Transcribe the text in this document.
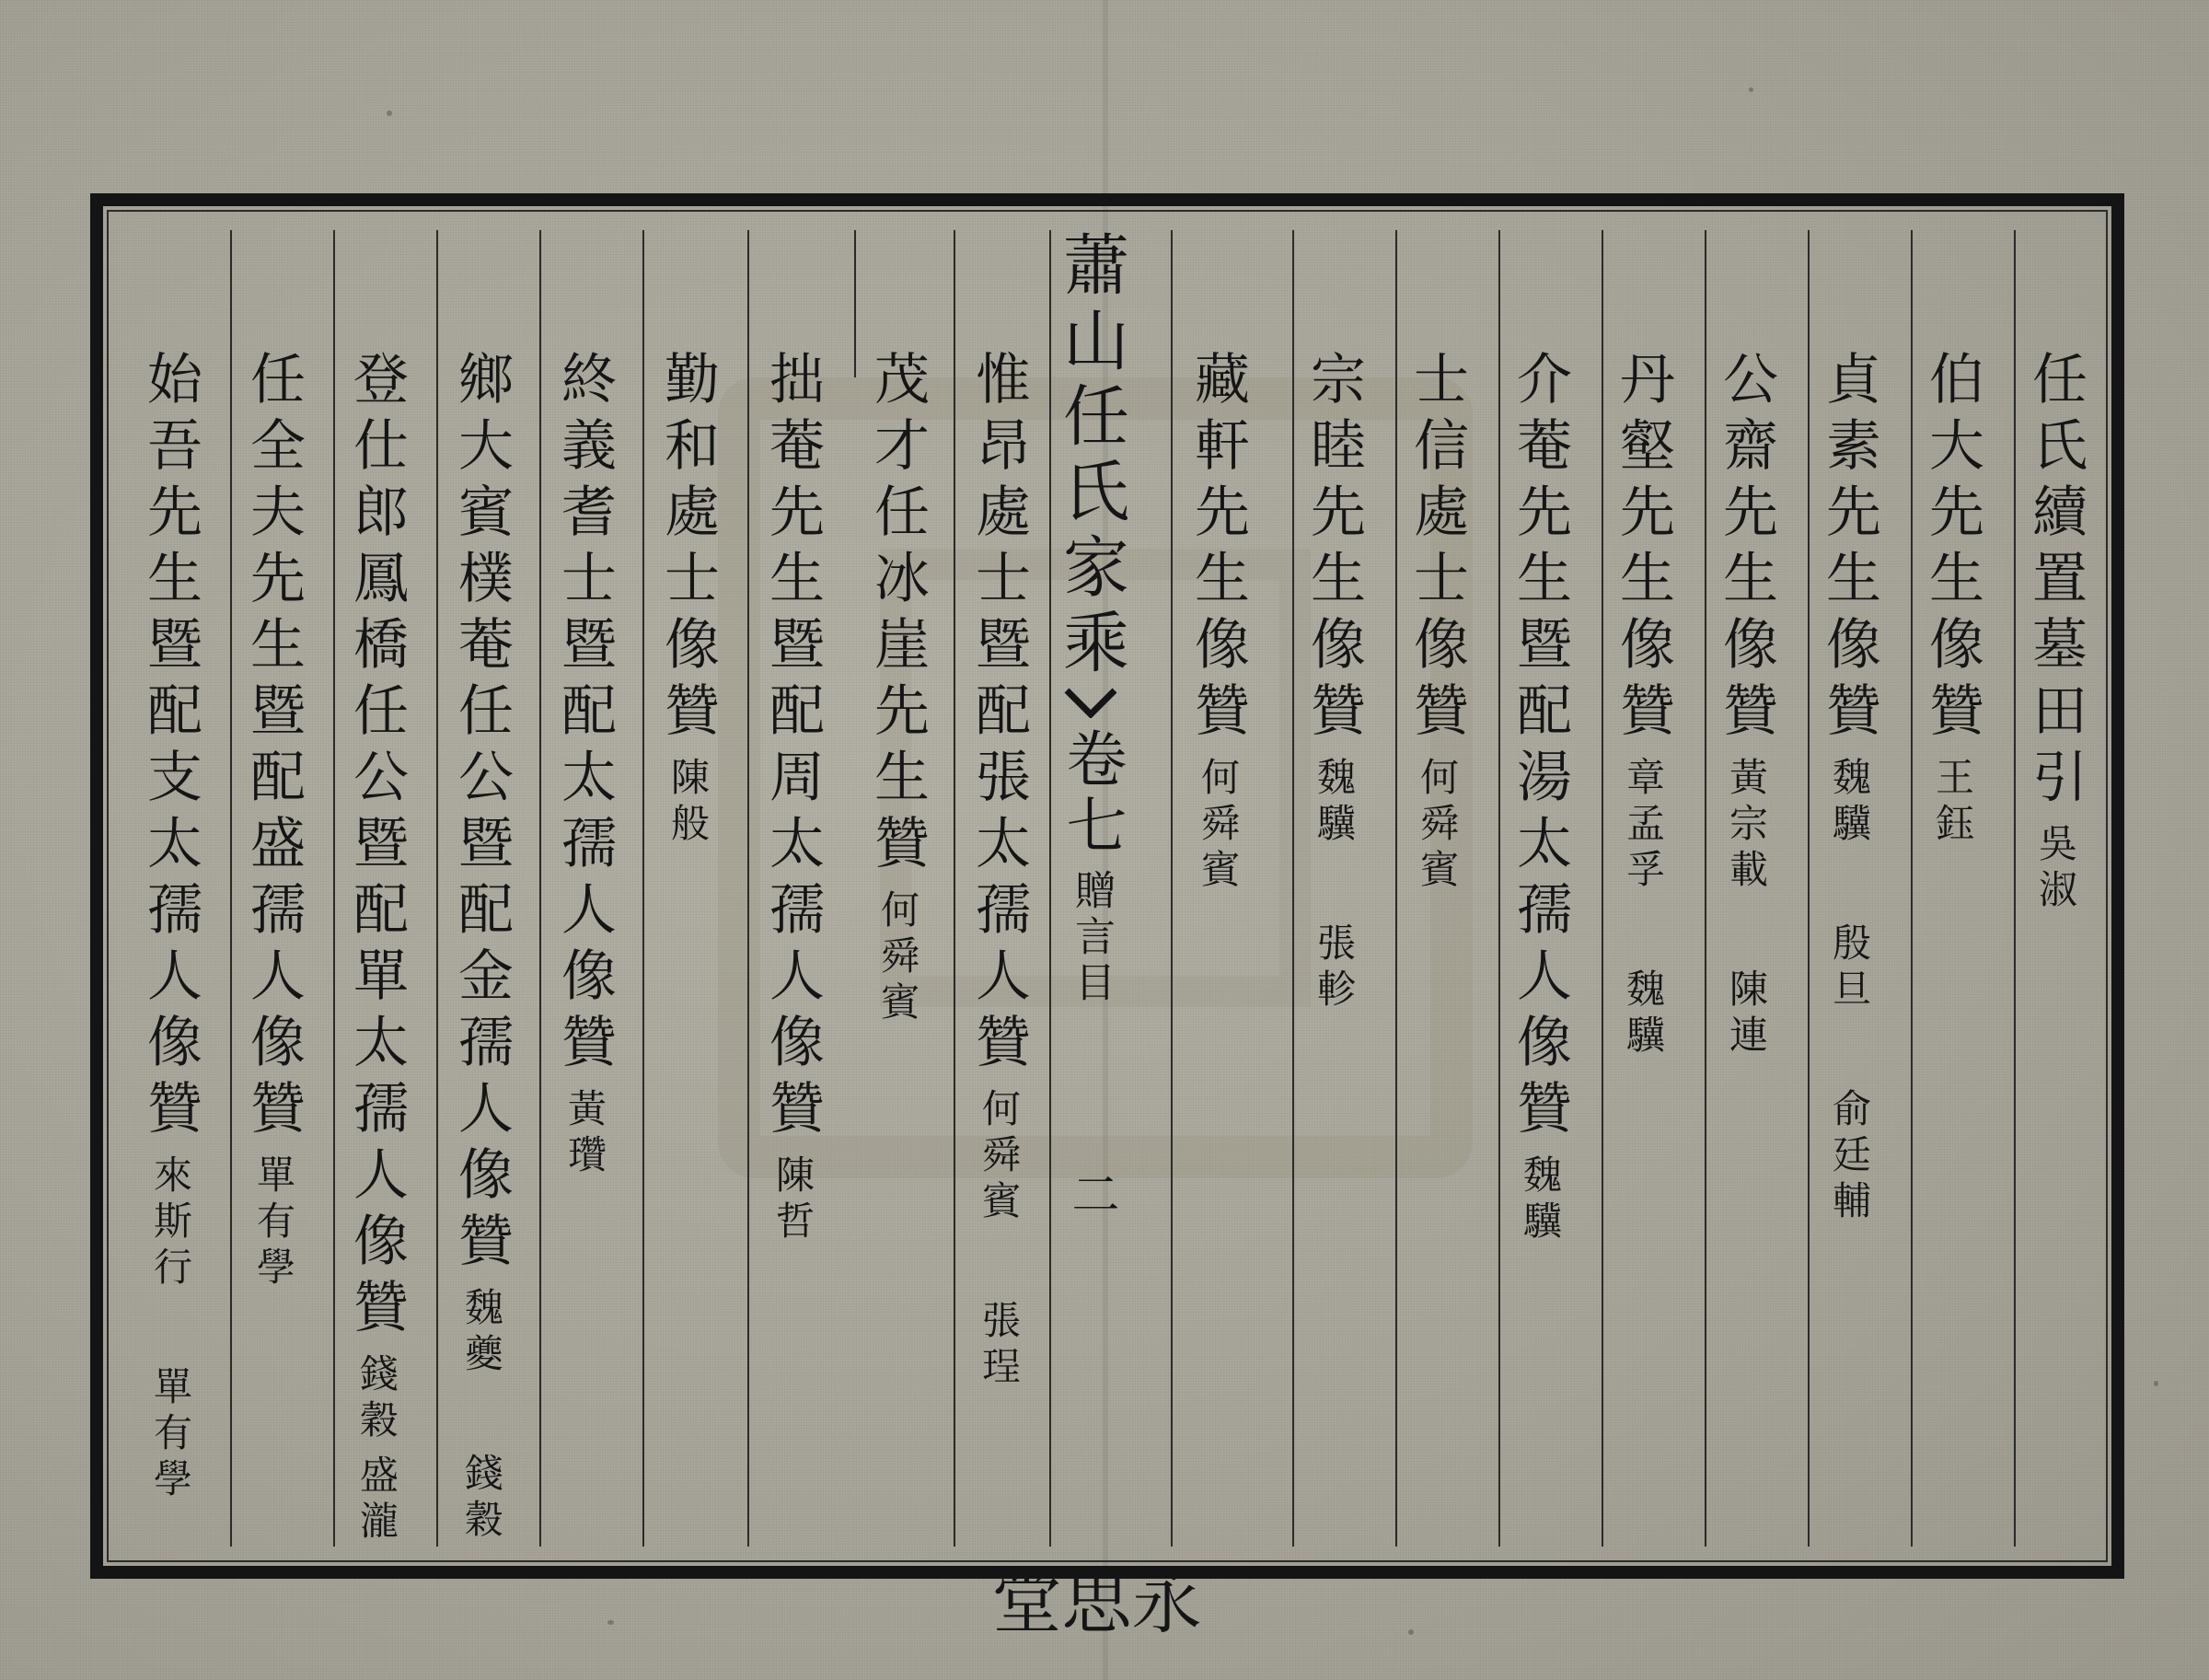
蕭山任氏家乘
卷七
贈言目
二
永思堂
任氏續置墓田引
吳淑
伯大先生像贊
王鈺
貞素先生像贊
魏驥
殷旦
俞廷輔
公齋先生像贊
黃宗載
陳連
丹壑先生像贊
章孟孚
魏驥
介菴先生暨配湯太孺人像贊
魏驥
士信處士像贊
何舜賓
宗睦先生像贊
魏驥
張軫
藏軒先生像贊
何舜賓
惟昂處士暨配張太孺人贊
何舜賓
張珵
茂才任冰崖先生贊
何舜賓
拙菴先生暨配周太孺人像贊
陳哲
勤和處士像贊
陳般
終義耆士暨配太孺人像贊
黃瓚
鄉大賓樸菴任公暨配金孺人像贊
魏夔
錢穀
登仕郎鳳橋任公暨配單太孺人像贊
錢穀
盛瀧
任全夫先生暨配盛孺人像贊
單有學
始吾先生暨配支太孺人像贊
來斯行
單有學
